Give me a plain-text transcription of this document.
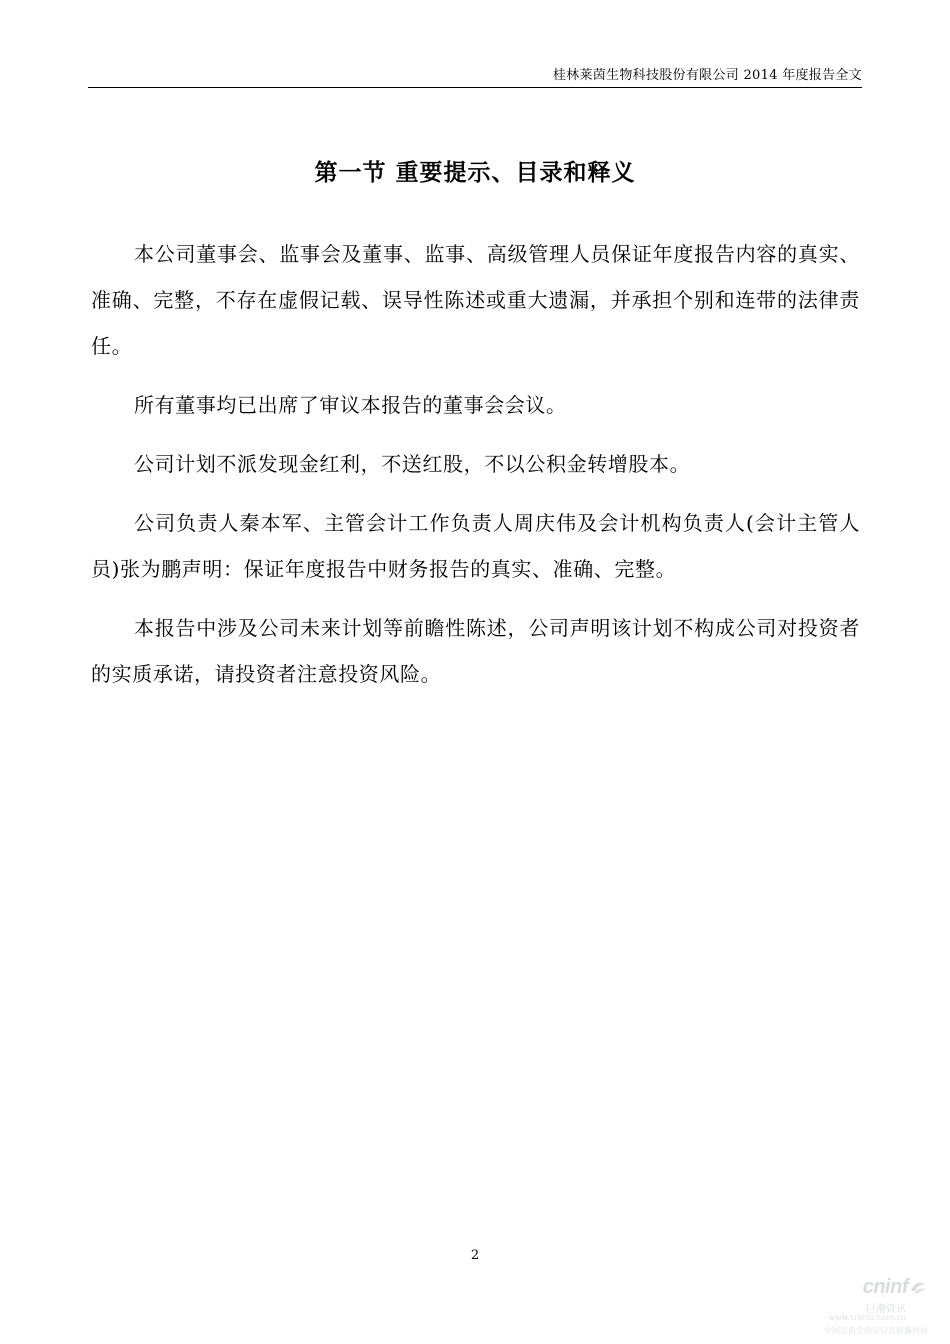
桂林莱茵生物科技股份有限公司 2014 年度报告全文
第一节 重要提示、目录和释义

本公司董事会、监事会及董事、监事、高级管理人员保证年度报告内容的真实、准确、完整，不存在虚假记载、误导性陈述或重大遗漏，并承担个别和连带的法律责任。

所有董事均已出席了审议本报告的董事会会议。

公司计划不派发现金红利，不送红股，不以公积金转增股本。

公司负责人秦本军、主管会计工作负责人周庆伟及会计机构负责人(会计主管人员)张为鹏声明：保证年度报告中财务报告的真实、准确、完整。

本报告中涉及公司未来计划等前瞻性陈述，公司声明该计划不构成公司对投资者的实质承诺，请投资者注意投资风险。

2
cninf
巨潮资讯
www.cninfo.com.cn
中国证监会指定信息披露网站
